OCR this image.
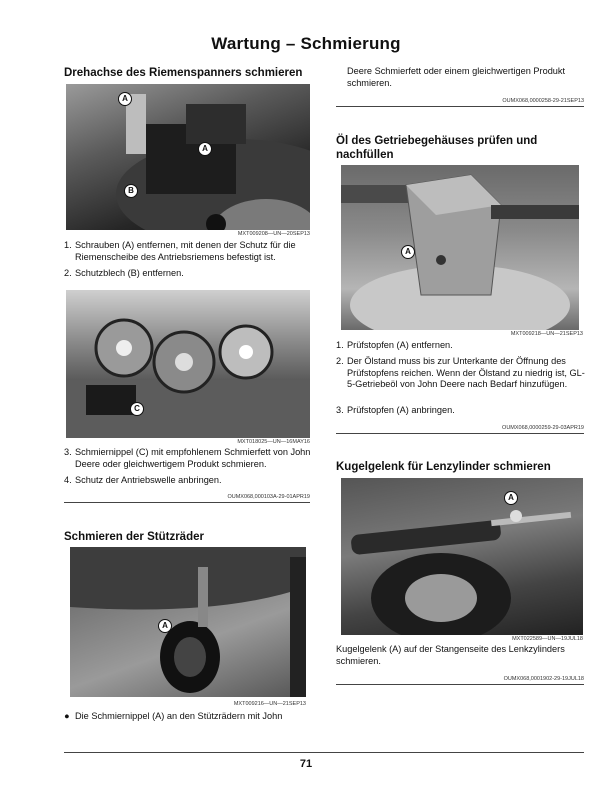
Wartung – Schmierung
Drehachse des Riemenspanners schmieren
A
A
B
MXT009208—UN—20SEP13
1. Schrauben (A) entfernen, mit denen der Schutz für die Riemenscheibe des Antriebsriemens befestigt ist.
2. Schutzblech (B) entfernen.
C
MXT018025—UN—16MAY16
3. Schmiernippel (C) mit empfohlenem Schmierfett von John Deere oder gleichwertigem Produkt schmieren.
4. Schutz der Antriebswelle anbringen.
OUMX068,000103A-29-01APR19
Schmieren der Stützräder
A
MXT009216—UN—21SEP13
● Die Schmiernippel (A) an den Stützrädern mit John
Deere Schmierfett oder einem gleichwertigen Produkt schmieren.
OUMX068,0000258-29-21SEP13
Öl des Getriebegehäuses prüfen und nachfüllen
A
MXT009218—UN—21SEP13
1. Prüfstopfen (A) entfernen.
2. Der Ölstand muss bis zur Unterkante der Öffnung des Prüfstopfens reichen. Wenn der Ölstand zu niedrig ist, GL-5-Getriebeöl von John Deere nach Bedarf hinzufügen.
3. Prüfstopfen (A) anbringen.
OUMX068,0000259-29-03APR19
Kugelgelenk für Lenzylinder schmieren
A
MXT022589—UN—19JUL18
Kugelgelenk (A) auf der Stangenseite des Lenkzylinders schmieren.
OUMX068,0001902-29-19JUL18
71
